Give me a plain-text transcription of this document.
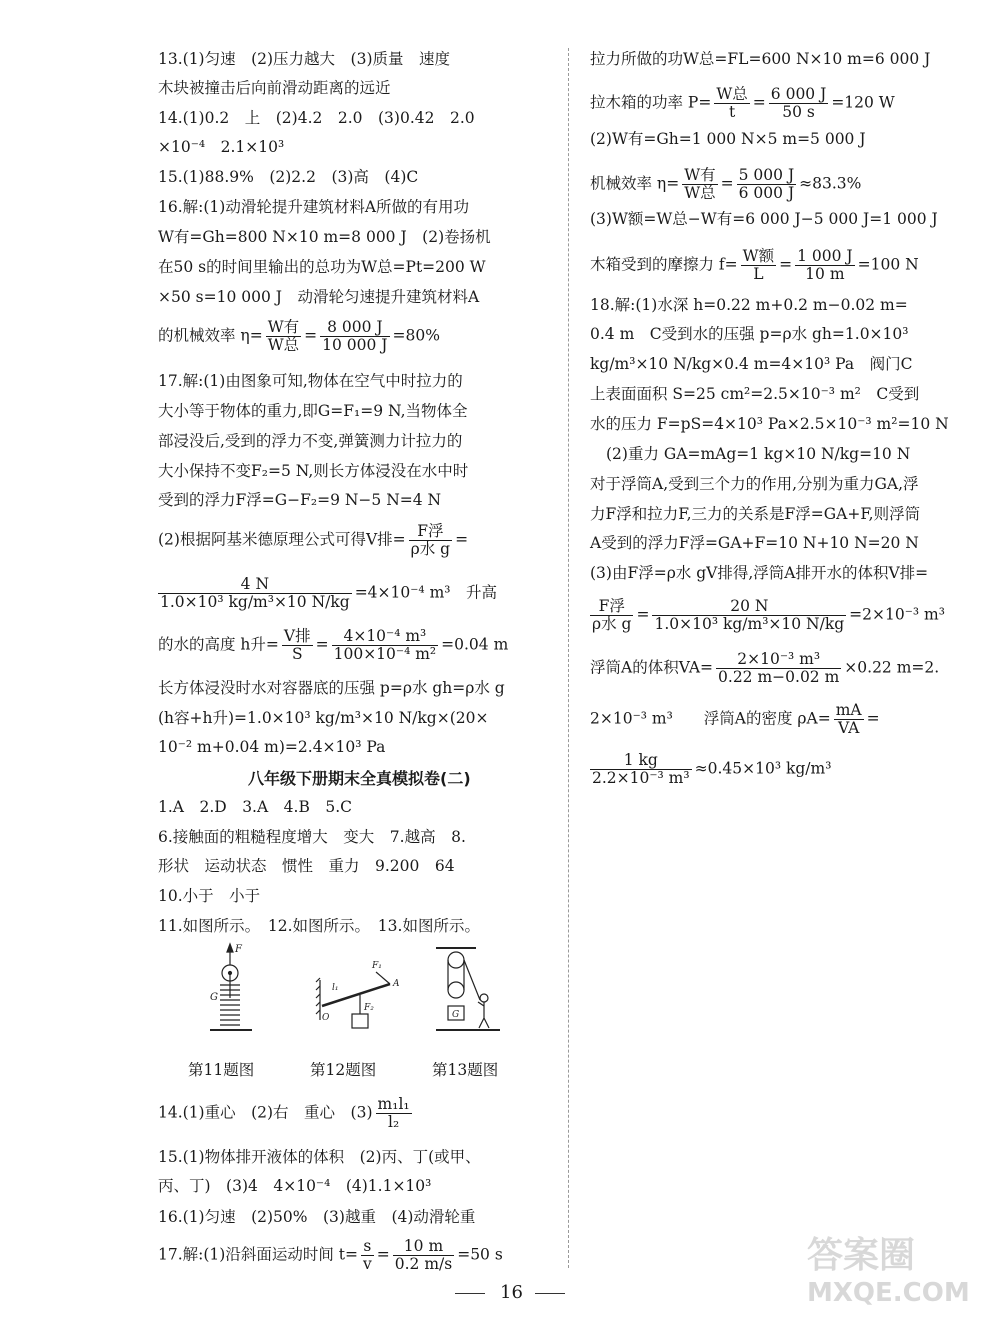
13.(1)匀速　(2)压力越大　(3)质量　速度
木块被撞击后向前滑动距离的远近
14.(1)0.2　上　(2)4.2　2.0　(3)0.42　2.0
×10⁻⁴　2.1×10³
15.(1)88.9%　(2)2.2　(3)高　(4)C
16.解:(1)动滑轮提升建筑材料A所做的有用功
W有=Gh=800 N×10 m=8 000 J　(2)卷扬机
在50 s的时间里输出的总功为W总=Pt=200 W
×50 s=10 000 J　动滑轮匀速提升建筑材料A
的机械效率 $\eta= \frac{\text{W有}}{\text{W总}} = \frac{8 000 J}{10 000 J} =80\%$
17.解:(1)由图象可知,物体在空气中时拉力的
大小等于物体的重力,即G=F₁=9 N,当物体全
部浸没后,受到的浮力不变,弹簧测力计拉力的
大小保持不变F₂=5 N,则长方体浸没在水中时
受到的浮力F浮=G−F₂=9 N−5 N=4 N
(2)根据阿基米德原理公式可得V排= $\frac{\text{F浮}}{\text{ρ水 g}}$ =
$\frac{4 N}{\text{1.0×10³ kg/m³×10 N/kg}} =4\times 10^{-4}$ m³　升高
的水的高度 h升= $\frac{\text{V排}}{S} = \frac{\text{4×10⁻⁴ m³}}{\text{100×10⁻⁴ m²}} =0.04$ m
长方体浸没时水对容器底的压强 p=ρ水 gh=ρ水 g
(h容+h升)=1.0×10³ kg/m³×10 N/kg×(20×
10⁻² m+0.04 m)=2.4×10³ Pa
八年级下册期末全真模拟卷(二)
1.A　2.D　3.A　4.B　5.C
6.接触面的粗糙程度增大　变大　7.越高　8.
形状　运动状态　惯性　重力　9.200　64
10.小于　小于
11.如图所示。　12.如图所示。　13.如图所示。
F
G
O
F₁
A
l₁
F₂
G
第11题图	第12题图	第13题图
14.(1)重心　(2)右　重心　$(3) \frac{\text{m₁l₁}}{\text{l₂}}$
15.(1)物体排开液体的体积　(2)丙、丁(或甲、
丙、丁)　(3)4　4×10⁻⁴　(4)1.1×10³
16.(1)匀速　(2)50%　(3)越重　(4)动滑轮重
17.解:(1)沿斜面运动时间 $t= \frac{s}{v} = \frac{10 m}{0.2 m/s} =50$ s
拉力所做的功W总=FL=600 N×10 m=6 000 J
拉木箱的功率 $P= \frac{\text{W总}}{t} = \frac{6 000 J}{50 s} =120$ W
(2)W有=Gh=1 000 N×5 m=5 000 J
机械效率 $\eta= \frac{\text{W有}}{\text{W总}} = \frac{5 000 J}{6 000 J} \approx 83.3\%$
(3)W额=W总−W有=6 000 J−5 000 J=1 000 J
木箱受到的摩擦力 $f= \frac{\text{W额}}{L} = \frac{1 000 J}{10 m} =100$ N
18.解:(1)水深 h=0.22 m+0.2 m−0.02 m=
0.4 m　C受到水的压强 p=ρ水 gh=1.0×10³
kg/m³×10 N/kg×0.4 m=4×10³ Pa　阀门C
上表面面积 S=25 cm²=2.5×10⁻³ m²　C受到
水的压力 F=pS=4×10³ Pa×2.5×10⁻³ m²=10 N
(2)重力 GA=mAg=1 kg×10 N/kg=10 N
对于浮筒A,受到三个力的作用,分别为重力GA,浮
力F浮和拉力F,三力的关系是F浮=GA+F,则浮筒
A受到的浮力F浮=GA+F=10 N+10 N=20 N
(3)由F浮=ρ水 gV排得,浮筒A排开水的体积V排=
$\frac{\text{F浮}}{\text{ρ水 g}} = \frac{20 N}{\text{1.0×10³ kg/m³×10 N/kg}} =2\times 10^{-3}$ m³
浮筒A的体积$VA= \frac{\text{2×10⁻³ m³}}{0.22 m-0.02 m} \times 0.22$ m=2.
2×10⁻³ m³　　浮筒A的密度 $\rho A= \frac{mA}{VA}$ =
$\frac{1 kg}{\text{2.2×10⁻³ m³}} \approx 0.45\times 10^3$ kg/m³
16
答案圈
MXQE.COM
